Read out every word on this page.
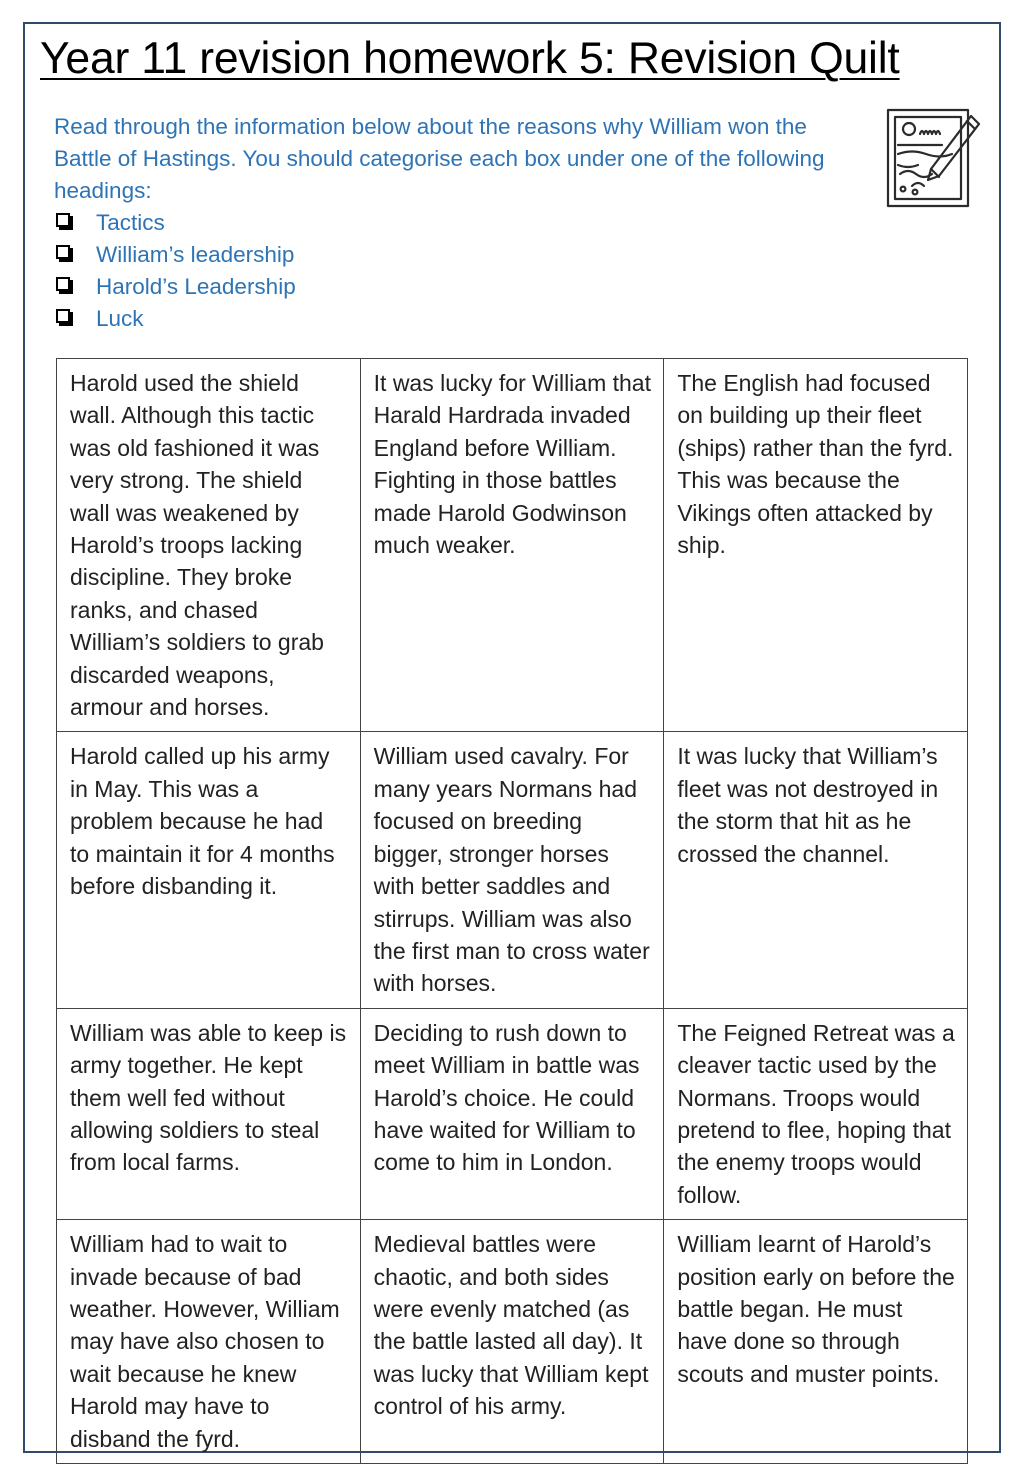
Year 11 revision homework 5: Revision Quilt

Read through the information below about the reasons why William won the Battle of Hastings. You should categorise each box under one of the following headings:

Tactics
William’s leadership
Harold’s Leadership
Luck
Harold used the shield wall. Although this tactic was old fashioned it was very strong. The shield wall was weakened by Harold’s troops lacking discipline. They broke ranks, and chased William’s soldiers to grab discarded weapons, armour and horses.	It was lucky for William that Harald Hardrada invaded England before William. Fighting in those battles made Harold Godwinson much weaker.	The English had focused on building up their fleet (ships) rather than the fyrd. This was because the Vikings often attacked by ship.
Harold called up his army in May. This was a problem because he had to maintain it for 4 months before disbanding it.	William used cavalry. For many years Normans had focused on breeding bigger, stronger horses with better saddles and stirrups. William was also the first man to cross water with horses.	It was lucky that William’s fleet was not destroyed in the storm that hit as he crossed the channel.
William was able to keep is army together. He kept them well fed without allowing soldiers to steal from local farms.	Deciding to rush down to meet William in battle was Harold’s choice. He could have waited for William to come to him in London.	The Feigned Retreat was a cleaver tactic used by the Normans. Troops would pretend to flee, hoping that the enemy troops would follow.
William had to wait to invade because of bad weather. However, William may have also chosen to wait because he knew Harold may have to disband the fyrd.	Medieval battles were chaotic, and both sides were evenly matched (as the battle lasted all day). It was lucky that William kept control of his army.	William learnt of Harold’s position early on before the battle began. He must have done so through scouts and muster points.
